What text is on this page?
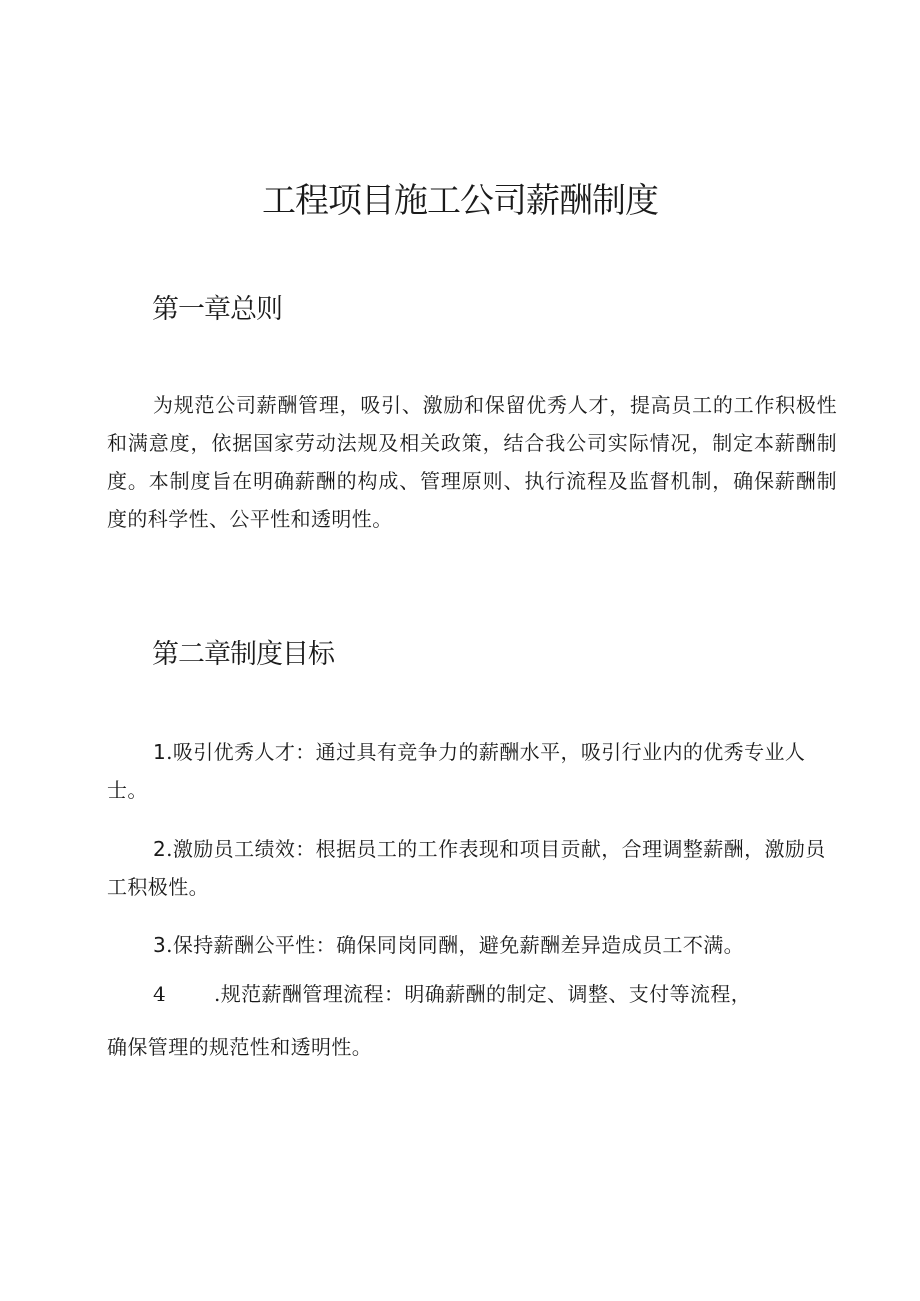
工程项目施工公司薪酬制度
第一章总则
为规范公司薪酬管理，吸引、激励和保留优秀人才，提高员工的工作积极性和满意度，依据国家劳动法规及相关政策，结合我公司实际情况，制定本薪酬制度。本制度旨在明确薪酬的构成、管理原则、执行流程及监督机制，确保薪酬制度的科学性、公平性和透明性。
第二章制度目标
1.吸引优秀人才：通过具有竞争力的薪酬水平，吸引行业内的优秀专业人士。
2.激励员工绩效：根据员工的工作表现和项目贡献，合理调整薪酬，激励员工积极性。
3.保持薪酬公平性：确保同岗同酬，避免薪酬差异造成员工不满。
4 .规范薪酬管理流程：明确薪酬的制定、调整、支付等流程，
确保管理的规范性和透明性。
